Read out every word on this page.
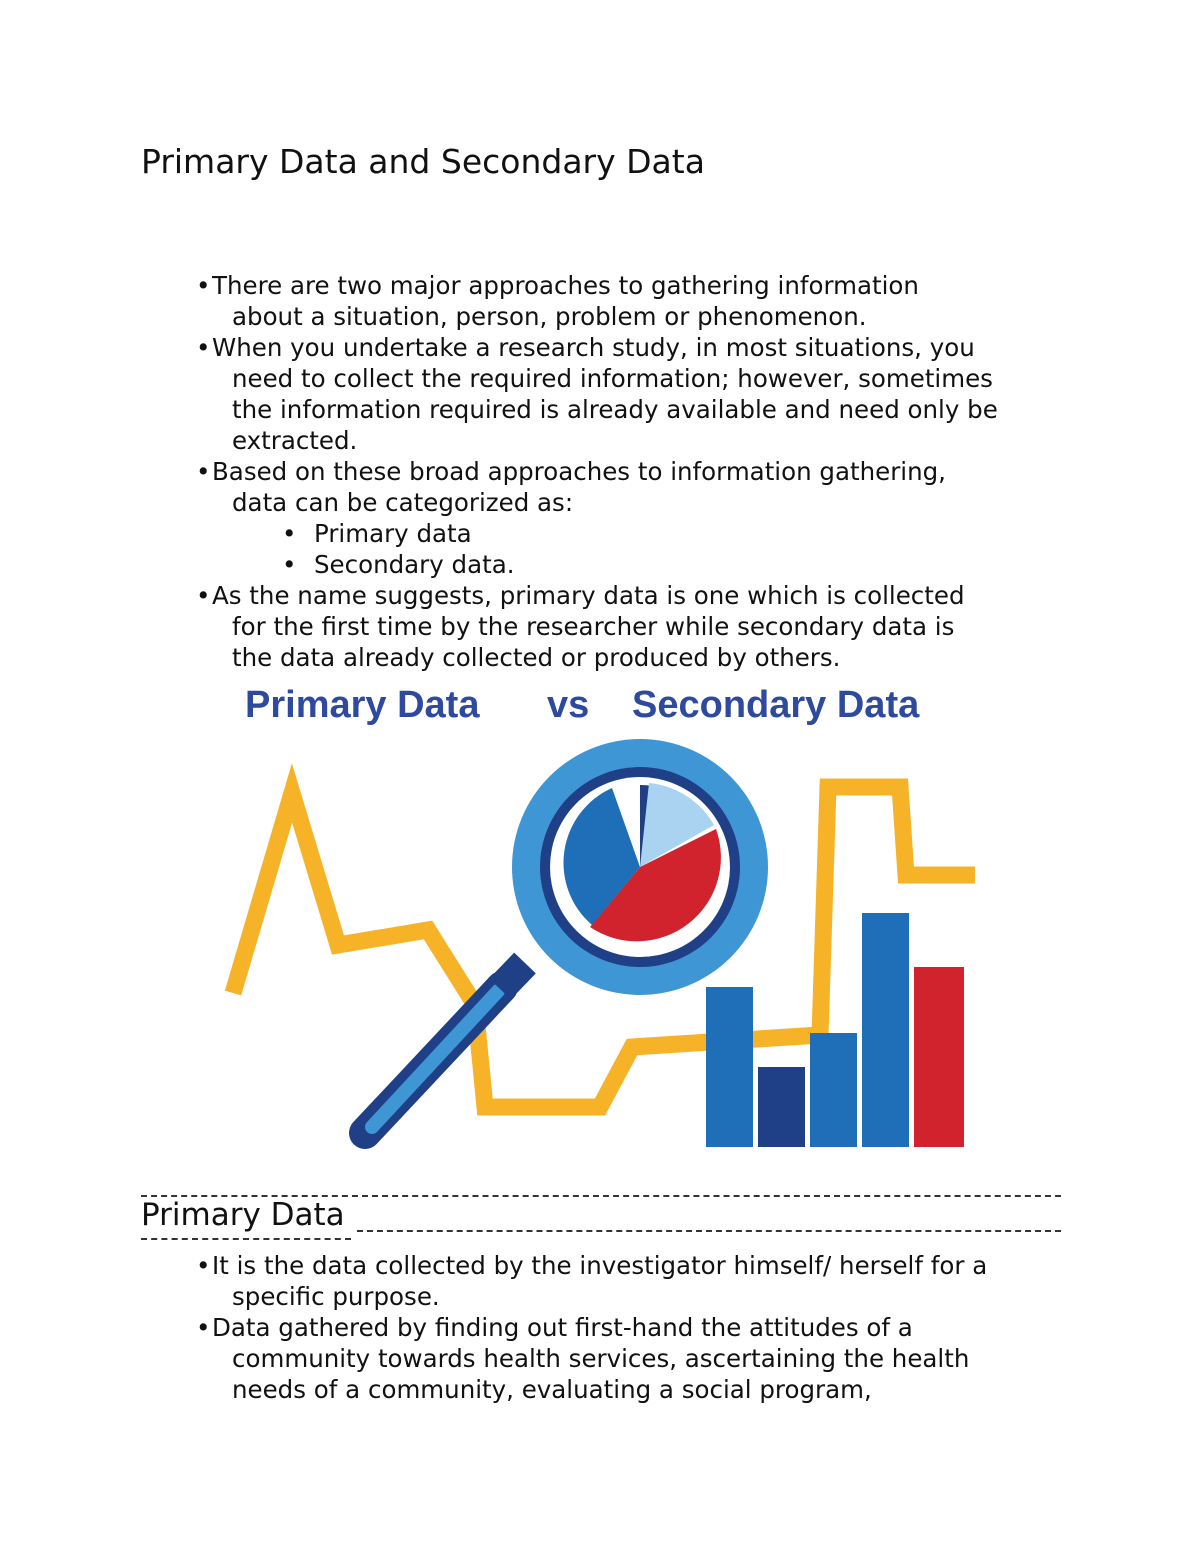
Primary Data and Secondary Data
• There are two major approaches to gathering information
about a situation, person, problem or phenomenon.
• When you undertake a research study, in most situations, you
need to collect the required information; however, sometimes
the information required is already available and need only be
extracted.
• Based on these broad approaches to information gathering,
data can be categorized as:
• Primary data
• Secondary data.
• As the name suggests, primary data is one which is collected
for the first time by the researcher while secondary data is
the data already collected or produced by others.
Primary Data vs Secondary Data
Primary Data
• It is the data collected by the investigator himself/ herself for a
specific purpose.
• Data gathered by finding out first-hand the attitudes of a
community towards health services, ascertaining the health
needs of a community, evaluating a social program,
